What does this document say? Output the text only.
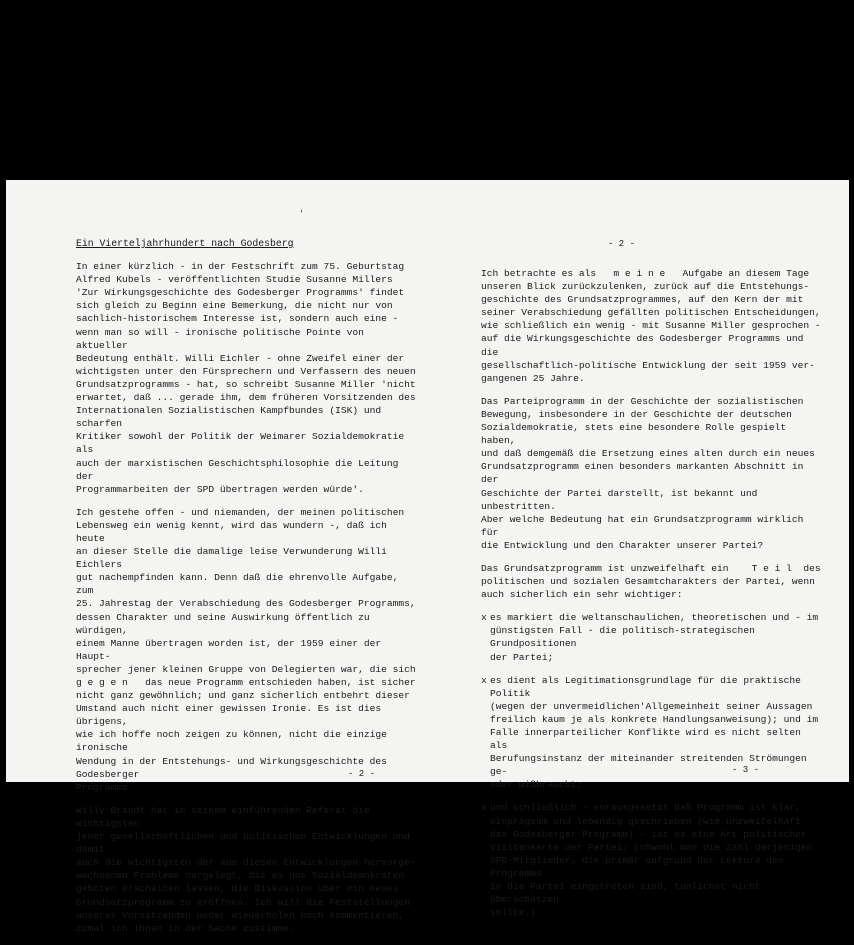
'
Ein Vierteljahrhundert nach Godesberg
In einer kürzlich - in der Festschrift zum 75. Geburtstag
Alfred Kubels - veröffentlichten Studie Susanne Millers
'Zur Wirkungsgeschichte des Godesberger Programms' findet
sich gleich zu Beginn eine Bemerkung, die nicht nur von
sachlich-historischem Interesse ist, sondern auch eine -
wenn man so will - ironische politische Pointe von aktueller
Bedeutung enthält. Willi Eichler - ohne Zweifel einer der
wichtigsten unter den Fürsprechern und Verfassern des neuen
Grundsatzprogramms - hat, so schreibt Susanne Miller 'nicht
erwartet, daß ... gerade ihm, dem früheren Vorsitzenden des
Internationalen Sozialistischen Kampfbundes (ISK) und scharfen
Kritiker sowohl der Politik der Weimarer Sozialdemokratie als
auch der marxistischen Geschichtsphilosophie die Leitung der
Programmarbeiten der SPD übertragen werden würde'.
Ich gestehe offen - und niemanden, der meinen politischen
Lebensweg ein wenig kennt, wird das wundern -, daß ich heute
an dieser Stelle die damalige leise Verwunderung Willi Eichlers
gut nachempfinden kann. Denn daß die ehrenvolle Aufgabe, zum
25. Jahrestag der Verabschiedung des Godesberger Programms,
dessen Charakter und seine Auswirkung öffentlich zu würdigen,
einem Manne übertragen worden ist, der 1959 einer der Haupt-
sprecher jener kleinen Gruppe von Delegierten war, die sich
g e g e n   das neue Programm entschieden haben, ist sicher
nicht ganz gewöhnlich; und ganz sicherlich entbehrt dieser
Umstand auch nicht einer gewissen Ironie. Es ist dies übrigens,
wie ich hoffe noch zeigen zu können, nicht die einzige ironische
Wendung in der Entstehungs- und Wirkungsgeschichte des Godesberger
Programms.
Willy Brandt hat in seinem einführenden Referat die wichtigsten
jener gesellschaftlichen und politischen Entwicklungen und damit
auch die wichtigsten der aus diesen Entwicklungen hervorge-
wachsenen Probleme dargelegt, die es uns Sozialdemokraten
geboten erscheinen lassen, die Diskussion über ein neues
Grundsatzprogramm zu eröffnen. Ich will die Feststellungen
unseres Vorsitzenden weder wiederholen noch kommentieren,
zumal ich ihnen in der Sache zustimme.
- 2 -
Ich betrachte es als   m e i n e   Aufgabe an diesem Tage
unseren Blick zurückzulenken, zurück auf die Entstehungs-
geschichte des Grundsatzprogrammes, auf den Kern der mit
seiner Verabschiedung gefällten politischen Entscheidungen,
wie schließlich ein wenig - mit Susanne Miller gesprochen -
auf die Wirkungsgeschichte des Godesberger Programms und die
gesellschaftlich-politische Entwicklung der seit 1959 ver-
gangenen 25 Jahre.
Das Parteiprogramm in der Geschichte der sozialistischen
Bewegung, insbesondere in der Geschichte der deutschen
Sozialdemokratie, stets eine besondere Rolle gespielt haben,
und daß demgemäß die Ersetzung eines alten durch ein neues
Grundsatzprogramm einen besonders markanten Abschnitt in der
Geschichte der Partei darstellt, ist bekannt und unbestritten.
Aber welche Bedeutung hat ein Grundsatzprogramm wirklich für
die Entwicklung und den Charakter unserer Partei?
Das Grundsatzprogramm ist unzweifelhaft ein    T e i l  des
politischen und sozialen Gesamtcharakters der Partei, wenn
auch sicherlich ein sehr wichtiger:
x es markiert die weltanschaulichen, theoretischen und - im
günstigsten Fall - die politisch-strategischen Grundpositionen
der Partei;
x es dient als Legitimationsgrundlage für die praktische Politik
(wegen der unvermeidlichen'Allgemeinheit seiner Aussagen
freilich kaum je als konkrete Handlungsanweisung); und im
Falle innerparteilicher Konflikte wird es nicht selten als
Berufungsinstanz der miteinander streitenden Strömungen ge-
oder mißbraucht;
x und schließlich - vorausgesetzt daß Programm ist klar,
einprägsam und lebendig geschrieben (wie unzweifelhaft
das Godesberger Programm) - ist es eine Art politischer
Visitenkarte der Partei; (obwohl man die Zahl derjenigen
SPD-Mitglieder, die primär aufgrund der Lektüre des Programms
in die Partei eingetreten sind, tunlichst nicht überschätzen
sollte.)
- 2 -	- 3 -
